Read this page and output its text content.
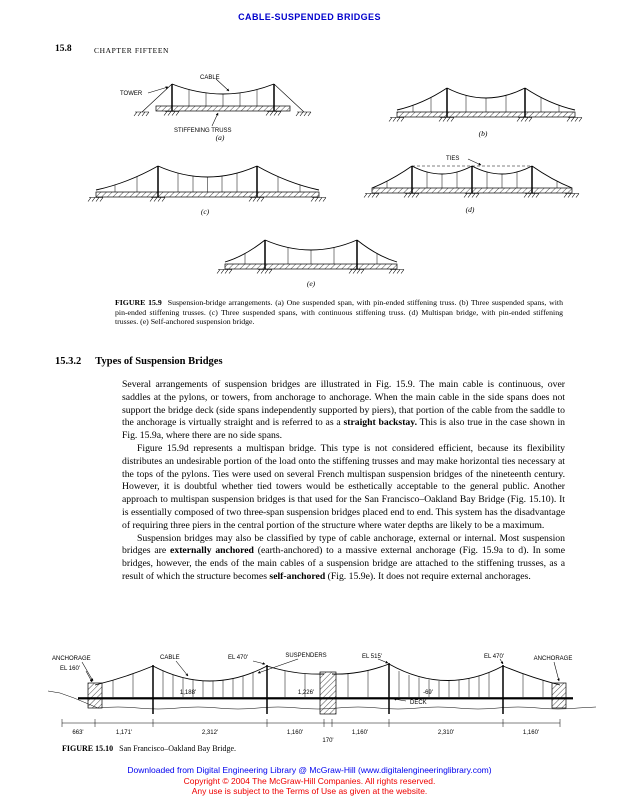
CABLE-SUSPENDED BRIDGES
15.8	CHAPTER FIFTEEN
CABLE
TOWER
STIFFENING TRUSS
(a)	(b)
(c)
TIES
(d)
(e)

FIGURE 15.9 Suspension-bridge arrangements. (a) One suspended span, with pin-ended stiffening truss. (b) Three suspended spans, with pin-ended stiffening trusses. (c) Three suspended spans, with continuous stiffening truss. (d) Multispan bridge, with pin-ended stiffening trusses. (e) Self-anchored suspension bridge.

15.3.2 Types of Suspension Bridges

Several arrangements of suspension bridges are illustrated in Fig. 15.9. The main cable is continuous, over saddles at the pylons, or towers, from anchorage to anchorage. When the main cable in the side spans does not support the bridge deck (side spans independently supported by piers), that portion of the cable from the saddle to the anchorage is virtually straight and is referred to as a straight backstay. This is also true in the case shown in Fig. 15.9a, where there are no side spans.

Figure 15.9d represents a multispan bridge. This type is not considered efficient, because its flexibility distributes an undesirable portion of the load onto the stiffening trusses and may make horizontal ties necessary at the tops of the pylons. Ties were used on several French multispan suspension bridges of the nineteenth century. However, it is doubtful whether tied towers would be esthetically acceptable to the general public. Another approach to multispan suspension bridges is that used for the San Francisco–Oakland Bay Bridge (Fig. 15.10). It is essentially composed of two three-span suspension bridges placed end to end. This system has the disadvantage of requiring three piers in the central portion of the structure where water depths are likely to be a maximum.

Suspension bridges may also be classified by type of cable anchorage, external or internal. Most suspension bridges are externally anchored (earth-anchored) to a massive external anchorage (Fig. 15.9a to d). In some bridges, however, the ends of the main cables of a suspension bridge are attached to the stiffening trusses, as a result of which the structure becomes self-anchored (Fig. 15.9e). It does not require external anchorages.

ANCHORAGE
EL 160'
CABLE	EL 470'	SUSPENDERS	EL 515'	EL 470'	ANCHORAGE
DECK
1,188'	1,226'	-69'
663'	1,171'	2,312'	1,160'
170'
1,160'	2,310'	1,160'

FIGURE 15.10 San Francisco–Oakland Bay Bridge.

Downloaded from Digital Engineering Library @ McGraw-Hill (www.digitalengineeringlibrary.com)
Copyright © 2004 The McGraw-Hill Companies. All rights reserved.
Any use is subject to the Terms of Use as given at the website.
